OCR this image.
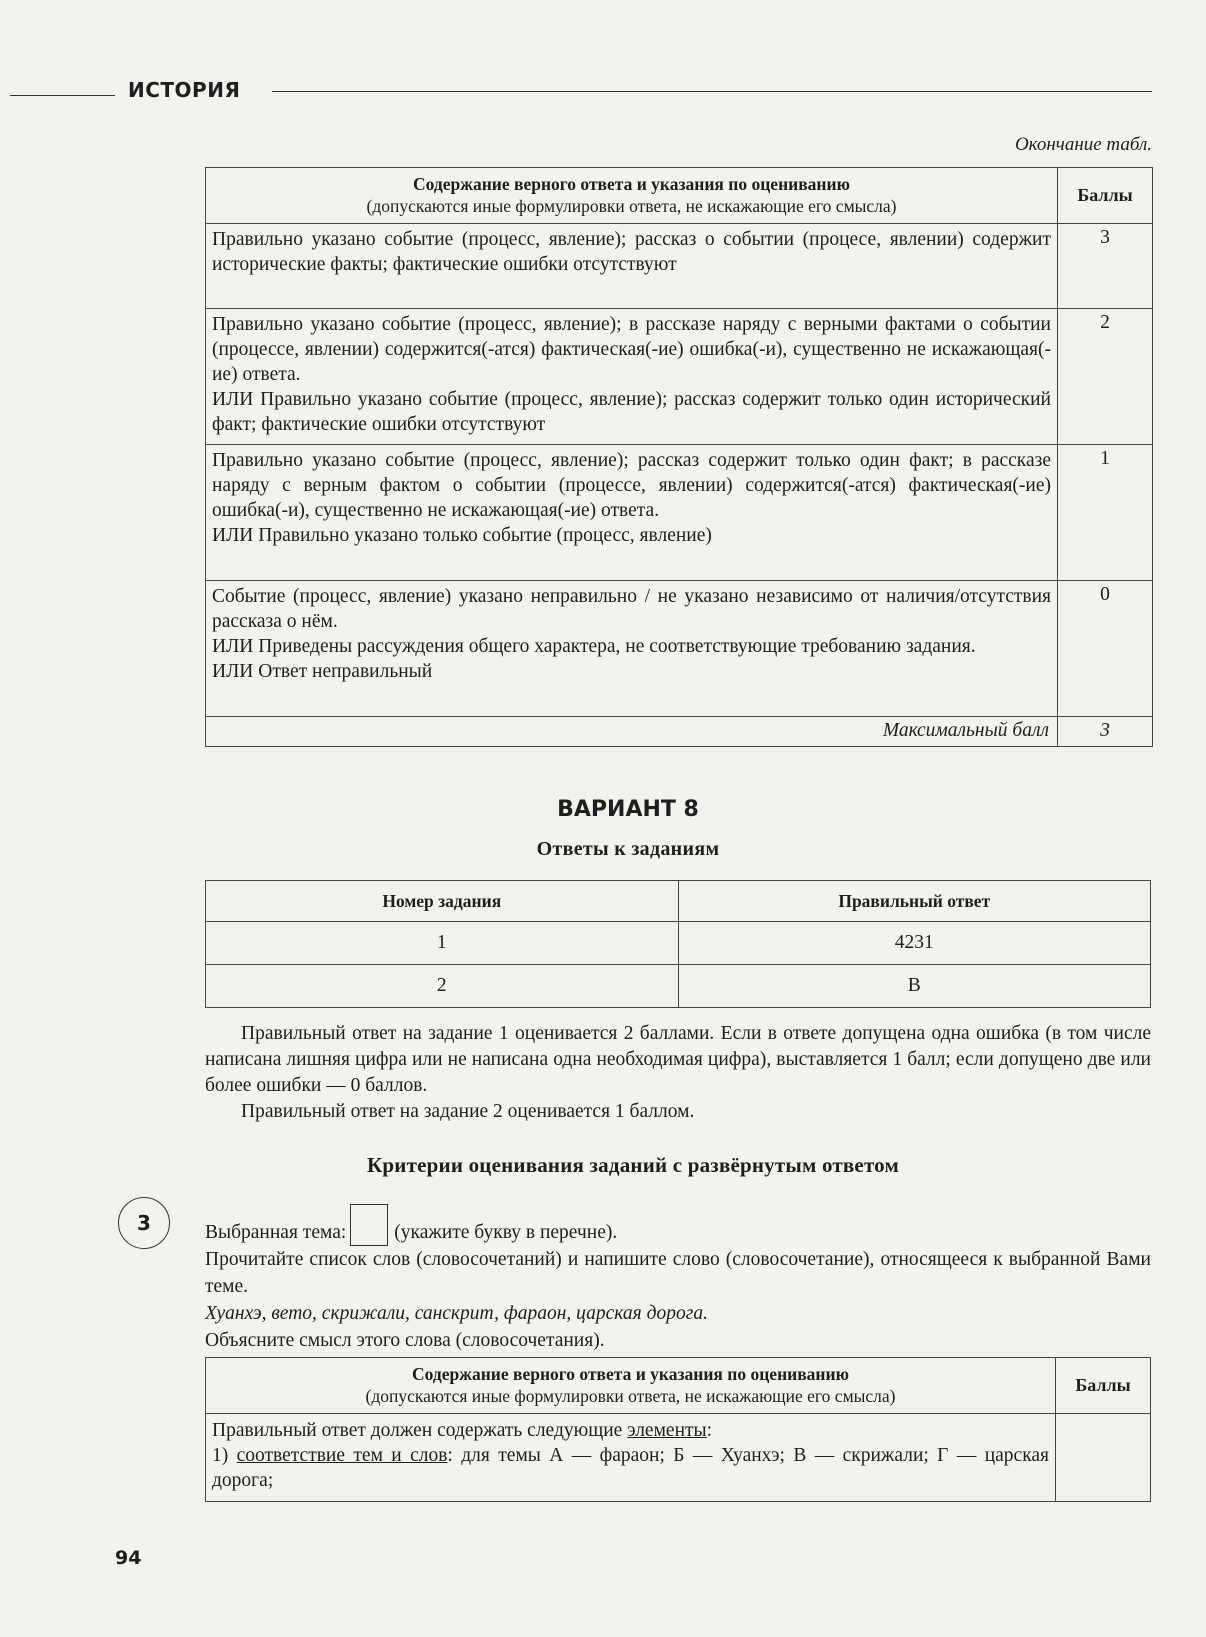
ИСТОРИЯ
Окончание табл.
Содержание верного ответа и указания по оцениванию
(допускаются иные формулировки ответа, не искажающие его смысла)	Баллы
Правильно указано событие (процесс, явление); рассказ о событии (процесе, явлении) содержит исторические факты; фактические ошибки отсутствуют	3
Правильно указано событие (процесс, явление); в рассказе наряду с верными фактами о событии (процессе, явлении) содержится(-атся) фактическая(-ие) ошибка(-и), существенно не искажающая(-ие) ответа.
ИЛИ Правильно указано событие (процесс, явление); рассказ содержит только один исторический факт; фактические ошибки отсутствуют	2
Правильно указано событие (процесс, явление); рассказ содержит только один факт; в рассказе наряду с верным фактом о событии (процессе, явлении) содержится(-атся) фактическая(-ие) ошибка(-и), существенно не искажающая(-ие) ответа.
ИЛИ Правильно указано только событие (процесс, явление)	1
Событие (процесс, явление) указано неправильно / не указано независимо от наличия/отсутствия рассказа о нём.
ИЛИ Приведены рассуждения общего характера, не соответствующие требованию задания.
ИЛИ Ответ неправильный	0
Максимальный балл	3
ВАРИАНТ 8
Ответы к заданиям
Номер задания	Правильный ответ
1	4231
2	В

Правильный ответ на задание 1 оценивается 2 баллами. Если в ответе допущена одна ошибка (в том числе написана лишняя цифра или не написана одна необходимая цифра), выставляется 1 балл; если допущено две или более ошибки — 0 баллов.

Правильный ответ на задание 2 оценивается 1 баллом.

Критерии оценивания заданий с развёрнутым ответом
3	Выбранная тема: (укажите букву в перечне).
Прочитайте список слов (словосочетаний) и напишите слово (словосочетание), относящееся к выбранной Вами теме.
Хуанхэ, вето, скрижали, санскрит, фараон, царская дорога.
Объясните смысл этого слова (словосочетания).
Содержание верного ответа и указания по оцениванию
(допускаются иные формулировки ответа, не искажающие его смысла)	Баллы
Правильный ответ должен содержать следующие элементы:
1) соответствие тем и слов: для темы А — фараон; Б — Хуанхэ; В — скрижали; Г — царская дорога;	
94
